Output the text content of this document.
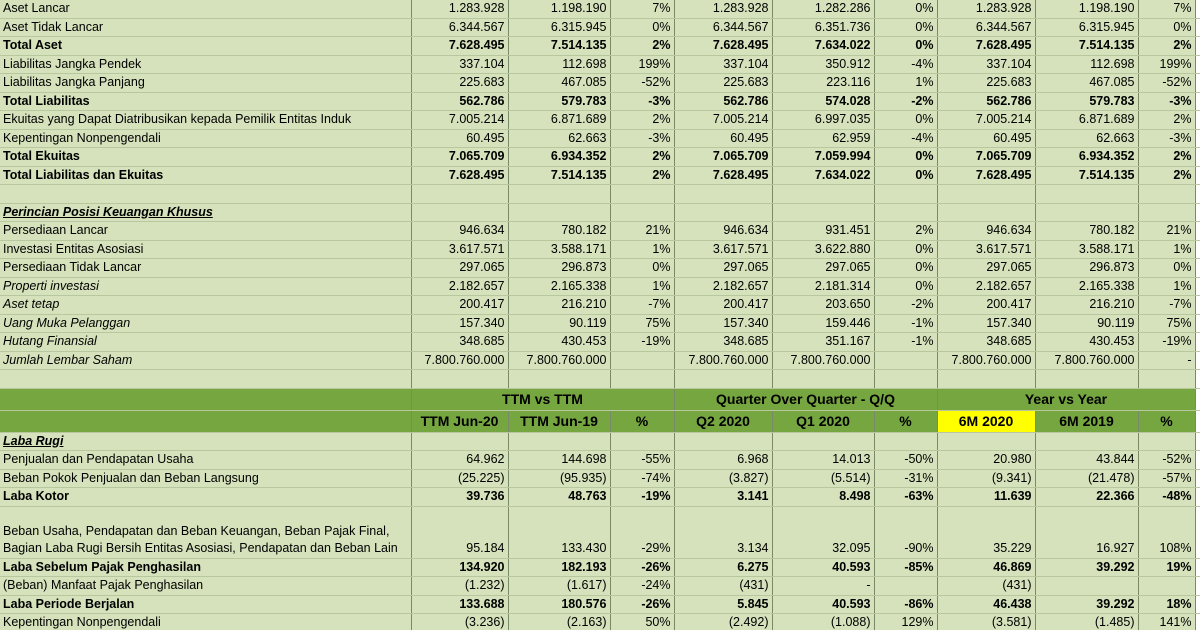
Aset Lancar	1.283.928	1.198.190	7%	1.283.928	1.282.286	0%	1.283.928	1.198.190	7%	
Aset Tidak Lancar	6.344.567	6.315.945	0%	6.344.567	6.351.736	0%	6.344.567	6.315.945	0%	
Total Aset	7.628.495	7.514.135	2%	7.628.495	7.634.022	0%	7.628.495	7.514.135	2%	
Liabilitas Jangka Pendek	337.104	112.698	199%	337.104	350.912	-4%	337.104	112.698	199%	
Liabilitas Jangka Panjang	225.683	467.085	-52%	225.683	223.116	1%	225.683	467.085	-52%	
Total Liabilitas	562.786	579.783	-3%	562.786	574.028	-2%	562.786	579.783	-3%	
Ekuitas yang Dapat Diatribusikan kepada Pemilik Entitas Induk	7.005.214	6.871.689	2%	7.005.214	6.997.035	0%	7.005.214	6.871.689	2%	
Kepentingan Nonpengendali	60.495	62.663	-3%	60.495	62.959	-4%	60.495	62.663	-3%	
Total Ekuitas	7.065.709	6.934.352	2%	7.065.709	7.059.994	0%	7.065.709	6.934.352	2%	
Total Liabilitas dan Ekuitas	7.628.495	7.514.135	2%	7.628.495	7.634.022	0%	7.628.495	7.514.135	2%	

Perincian Posisi Keuangan Khusus										
Persediaan Lancar	946.634	780.182	21%	946.634	931.451	2%	946.634	780.182	21%	
Investasi Entitas Asosiasi	3.617.571	3.588.171	1%	3.617.571	3.622.880	0%	3.617.571	3.588.171	1%	
Persediaan Tidak Lancar	297.065	296.873	0%	297.065	297.065	0%	297.065	296.873	0%	
Properti investasi	2.182.657	2.165.338	1%	2.182.657	2.181.314	0%	2.182.657	2.165.338	1%	
Aset tetap	200.417	216.210	-7%	200.417	203.650	-2%	200.417	216.210	-7%	
Uang Muka Pelanggan	157.340	90.119	75%	157.340	159.446	-1%	157.340	90.119	75%	
Hutang Finansial	348.685	430.453	-19%	348.685	351.167	-1%	348.685	430.453	-19%	
Jumlah Lembar Saham	7.800.760.000	7.800.760.000		7.800.760.000	7.800.760.000		7.800.760.000	7.800.760.000	-	

	TTM vs TTM			Quarter Over Quarter - Q/Q			Year vs Year			
	TTM Jun-20	TTM Jun-19	%	Q2 2020	Q1 2020	%	6M 2020	6M 2019	%	
Laba Rugi										
Penjualan dan Pendapatan Usaha	64.962	144.698	-55%	6.968	14.013	-50%	20.980	43.844	-52%	
Beban Pokok Penjualan dan Beban Langsung	(25.225)	(95.935)	-74%	(3.827)	(5.514)	-31%	(9.341)	(21.478)	-57%	
Laba Kotor	39.736	48.763	-19%	3.141	8.498	-63%	11.639	22.366	-48%	
Beban Usaha, Pendapatan dan Beban Keuangan, Beban Pajak Final, Bagian Laba Rugi Bersih Entitas Asosiasi, Pendapatan dan Beban Lain	95.184	133.430	-29%	3.134	32.095	-90%	35.229	16.927	108%	
Laba Sebelum Pajak Penghasilan	134.920	182.193	-26%	6.275	40.593	-85%	46.869	39.292	19%	
(Beban) Manfaat Pajak Penghasilan	(1.232)	(1.617)	-24%	(431)	-		(431)			
Laba Periode Berjalan	133.688	180.576	-26%	5.845	40.593	-86%	46.438	39.292	18%	
Kepentingan Nonpengendali	(3.236)	(2.163)	50%	(2.492)	(1.088)	129%	(3.581)	(1.485)	141%	
